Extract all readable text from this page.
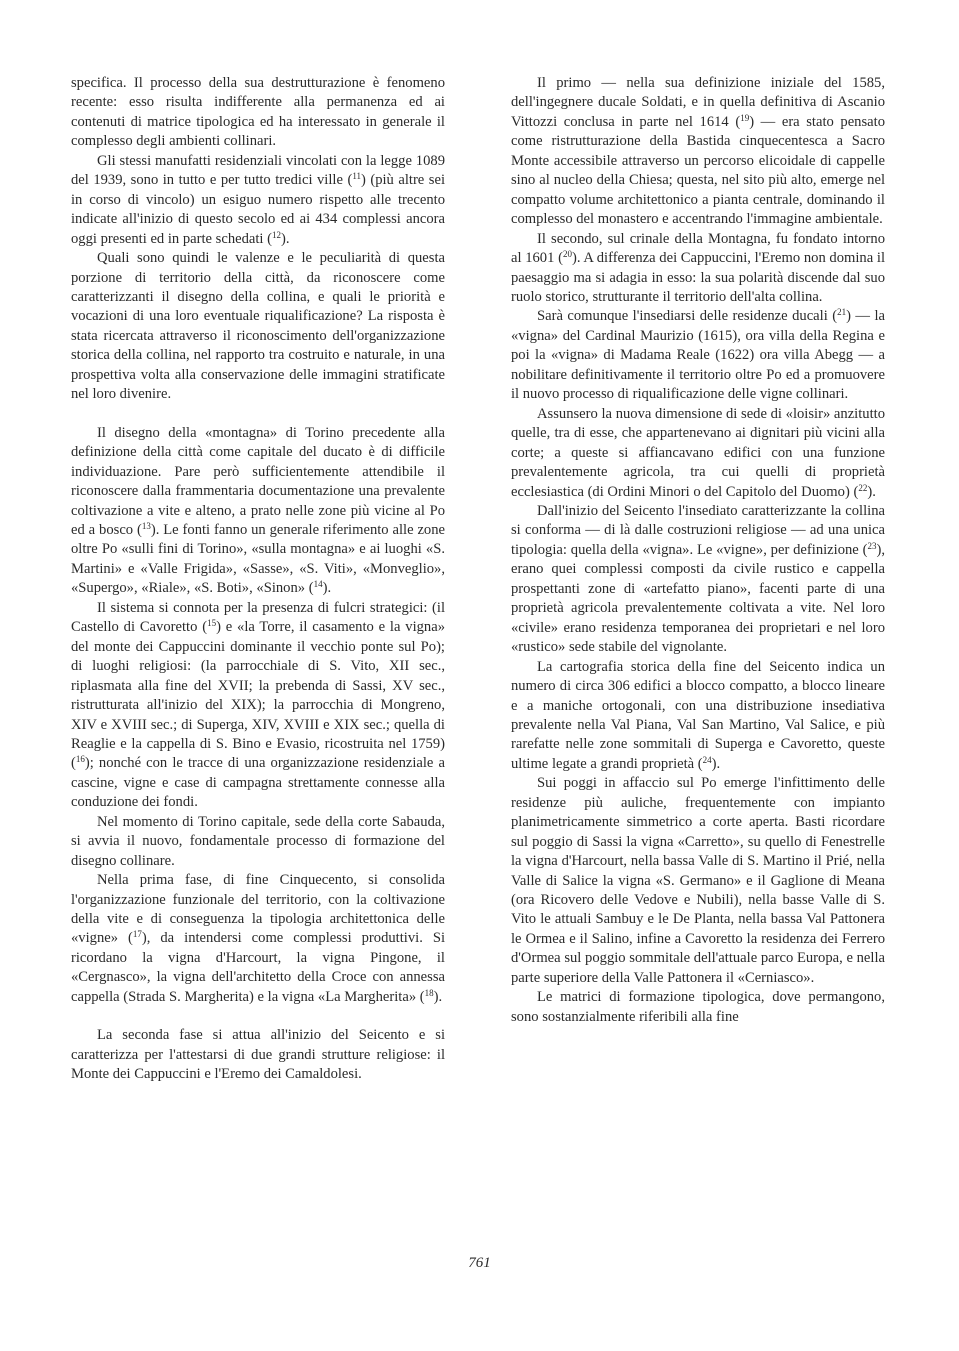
specifica. Il processo della sua destrutturazione è fenomeno recente: esso risulta indifferente alla permanenza ed ai contenuti di matrice tipologica ed ha interessato in generale il complesso degli ambienti collinari.

Gli stessi manufatti residenziali vincolati con la legge 1089 del 1939, sono in tutto e per tutto tredici ville ($^{11}$) (più altre sei in corso di vincolo) un esiguo numero rispetto alle trecento indicate all'inizio di questo secolo ed ai 434 complessi ancora oggi presenti ed in parte schedati ($^{12}$).

Quali sono quindi le valenze e le peculiarità di questa porzione di territorio della città, da riconoscere come caratterizzanti il disegno della collina, e quali le priorità e vocazioni di una loro eventuale riqualificazione? La risposta è stata ricercata attraverso il riconoscimento dell'organizzazione storica della collina, nel rapporto tra costruito e naturale, in una prospettiva volta alla conservazione delle immagini stratificate nel loro divenire.

Il disegno della «montagna» di Torino precedente alla definizione della città come capitale del ducato è di difficile individuazione. Pare però sufficientemente attendibile il riconoscere dalla frammentaria documentazione una prevalente coltivazione a vite e alteno, a prato nelle zone più vicine al Po ed a bosco ($^{13}$). Le fonti fanno un generale riferimento alle zone oltre Po «sulli fini di Torino», «sulla montagna» e ai luoghi «S. Martini» e «Valle Frigida», «Sasse», «S. Viti», «Monveglio», «Supergo», «Riale», «S. Boti», «Sinon» ($^{14}$).

Il sistema si connota per la presenza di fulcri strategici: (il Castello di Cavoretto ($^{15}$) e «la Torre, il casamento e la vigna» del monte dei Cappuccini dominante il vecchio ponte sul Po); di luoghi religiosi: (la parrocchiale di S. Vito, XII sec., riplasmata alla fine del XVII; la prebenda di Sassi, XV sec., ristrutturata all'inizio del XIX); la parrocchia di Mongreno, XIV e XVIII sec.; di Superga, XIV, XVIII e XIX sec.; quella di Reaglie e la cappella di S. Bino e Evasio, ricostruita nel 1759) ($^{16}$); nonché con le tracce di una organizzazione residenziale a cascine, vigne e case di campagna strettamente connesse alla conduzione dei fondi.

Nel momento di Torino capitale, sede della corte Sabauda, si avvia il nuovo, fondamentale processo di formazione del disegno collinare.

Nella prima fase, di fine Cinquecento, si consolida l'organizzazione funzionale del territorio, con la coltivazione della vite e di conseguenza la tipologia architettonica delle «vigne» ($^{17}$), da intendersi come complessi produttivi. Si ricordano la vigna d'Harcourt, la vigna Pingone, il «Cergnasco», la vigna dell'architetto della Croce con annessa cappella (Strada S. Margherita) e la vigna «La Margherita» ($^{18}$).

La seconda fase si attua all'inizio del Seicento e si caratterizza per l'attestarsi di due grandi strutture religiose: il Monte dei Cappuccini e l'Eremo dei Camaldolesi.

Il primo — nella sua definizione iniziale del 1585, dell'ingegnere ducale Soldati, e in quella definitiva di Ascanio Vittozzi conclusa in parte nel 1614 ($^{19}$) — era stato pensato come ristrutturazione della Bastida cinquecentesca a Sacro Monte accessibile attraverso un percorso elicoidale di cappelle sino al nucleo della Chiesa; questa, nel sito più alto, emerge nel compatto volume architettonico a pianta centrale, dominando il complesso del monastero e accentrando l'immagine ambientale.

Il secondo, sul crinale della Montagna, fu fondato intorno al 1601 ($^{20}$). A differenza dei Cappuccini, l'Eremo non domina il paesaggio ma si adagia in esso: la sua polarità discende dal suo ruolo storico, strutturante il territorio dell'alta collina.

Sarà comunque l'insediarsi delle residenze ducali ($^{21}$) — la «vigna» del Cardinal Maurizio (1615), ora villa della Regina e poi la «vigna» di Madama Reale (1622) ora villa Abegg — a nobilitare definitivamente il territorio oltre Po ed a promuovere il nuovo processo di riqualificazione delle vigne collinari.

Assunsero la nuova dimensione di sede di «loisir» anzitutto quelle, tra di esse, che appartenevano ai dignitari più vicini alla corte; a queste si affiancavano edifici con una funzione prevalentemente agricola, tra cui quelli di proprietà ecclesiastica (di Ordini Minori o del Capitolo del Duomo) ($^{22}$).

Dall'inizio del Seicento l'insediato caratterizzante la collina si conforma — di là dalle costruzioni religiose — ad una unica tipologia: quella della «vigna». Le «vigne», per definizione ($^{23}$), erano quei complessi composti da civile rustico e cappella prospettanti zone di «artefatto piano», facenti parte di una proprietà agricola prevalentemente coltivata a vite. Nel loro «civile» erano residenza temporanea dei proprietari e nel loro «rustico» sede stabile del vignolante.

La cartografia storica della fine del Seicento indica un numero di circa 306 edifici a blocco compatto, a blocco lineare e a maniche ortogonali, con una distribuzione insediativa prevalente nella Val Piana, Val San Martino, Val Salice, e più rarefatte nelle zone sommitali di Superga e Cavoretto, queste ultime legate a grandi proprietà ($^{24}$).

Sui poggi in affaccio sul Po emerge l'infittimento delle residenze più auliche, frequentemente con impianto planimetricamente simmetrico a corte aperta. Basti ricordare sul poggio di Sassi la vigna «Carretto», su quello di Fenestrelle la vigna d'Harcourt, nella bassa Valle di S. Martino il Prié, nella Valle di Salice la vigna «S. Germano» e il Gaglione di Meana (ora Ricovero delle Vedove e Nubili), nella basse Valle di S. Vito le attuali Sambuy e le De Planta, nella bassa Val Pattonera le Ormea e il Salino, infine a Cavoretto la residenza dei Ferrero d'Ormea sul poggio sommitale dell'attuale parco Europa, e nella parte superiore della Valle Pattonera il «Cerniasco».

Le matrici di formazione tipologica, dove permangono, sono sostanzialmente riferibili alla fine

761
